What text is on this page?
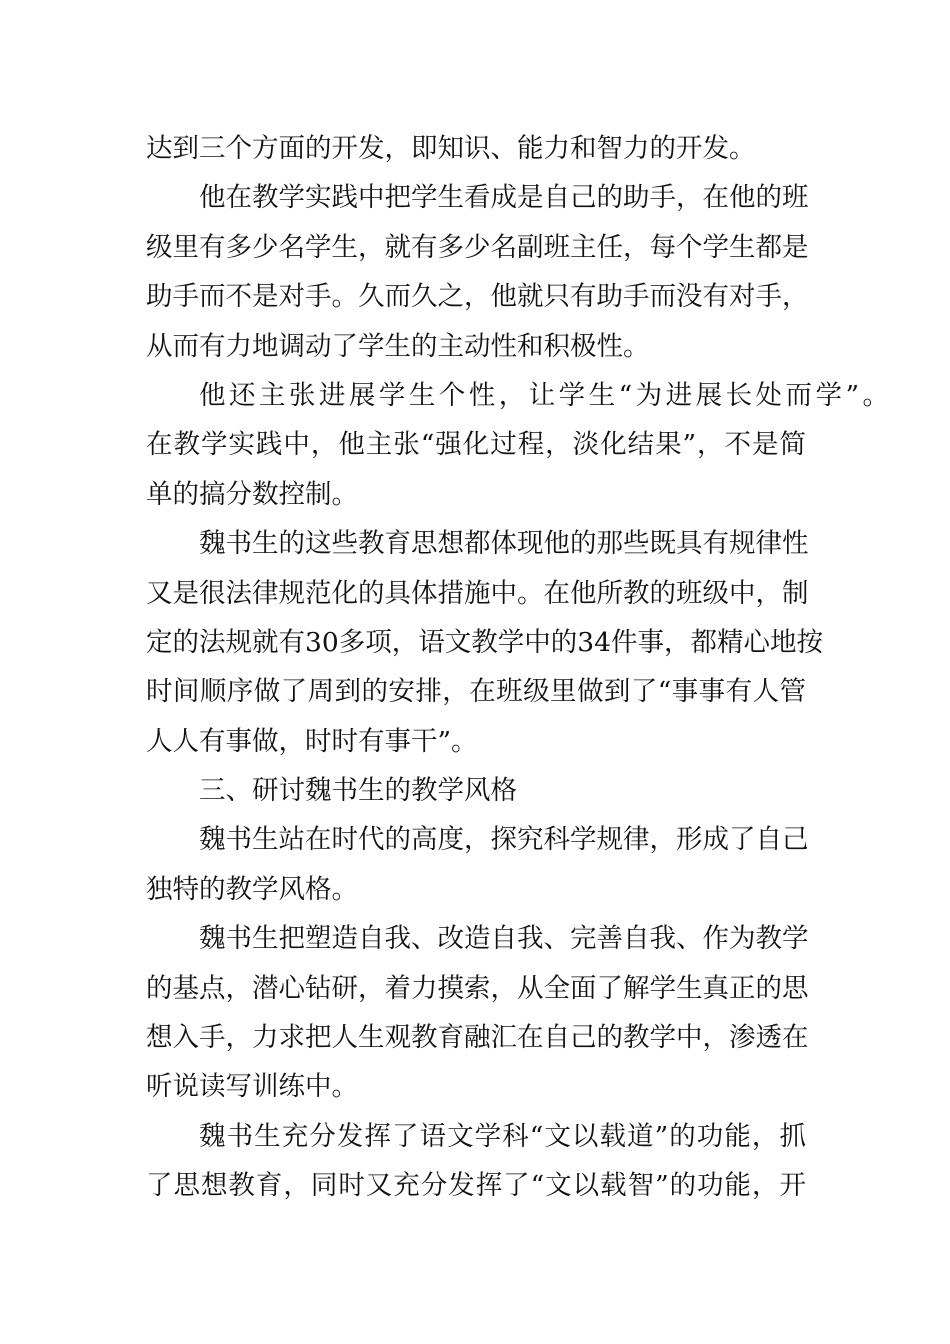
达到三个方面的开发，即知识、能力和智力的开发。
他在教学实践中把学生看成是自己的助手，在他的班
级里有多少名学生，就有多少名副班主任，每个学生都是
助手而不是对手。久而久之，他就只有助手而没有对手，
从而有力地调动了学生的主动性和积极性。
他还主张进展学生个性，让学生“为进展长处而学”。
在教学实践中，他主张“强化过程，淡化结果”，不是简
单的搞分数控制。
魏书生的这些教育思想都体现他的那些既具有规律性
又是很法律规范化的具体措施中。在他所教的班级中，制
定的法规就有30多项，语文教学中的34件事，都精心地按
时间顺序做了周到的安排，在班级里做到了“事事有人管
人人有事做，时时有事干”。
三、研讨魏书生的教学风格
魏书生站在时代的高度，探究科学规律，形成了自己
独特的教学风格。
魏书生把塑造自我、改造自我、完善自我、作为教学
的基点，潜心钻研，着力摸索，从全面了解学生真正的思
想入手，力求把人生观教育融汇在自己的教学中，渗透在
听说读写训练中。
魏书生充分发挥了语文学科“文以载道”的功能，抓
了思想教育，同时又充分发挥了“文以载智”的功能，开
